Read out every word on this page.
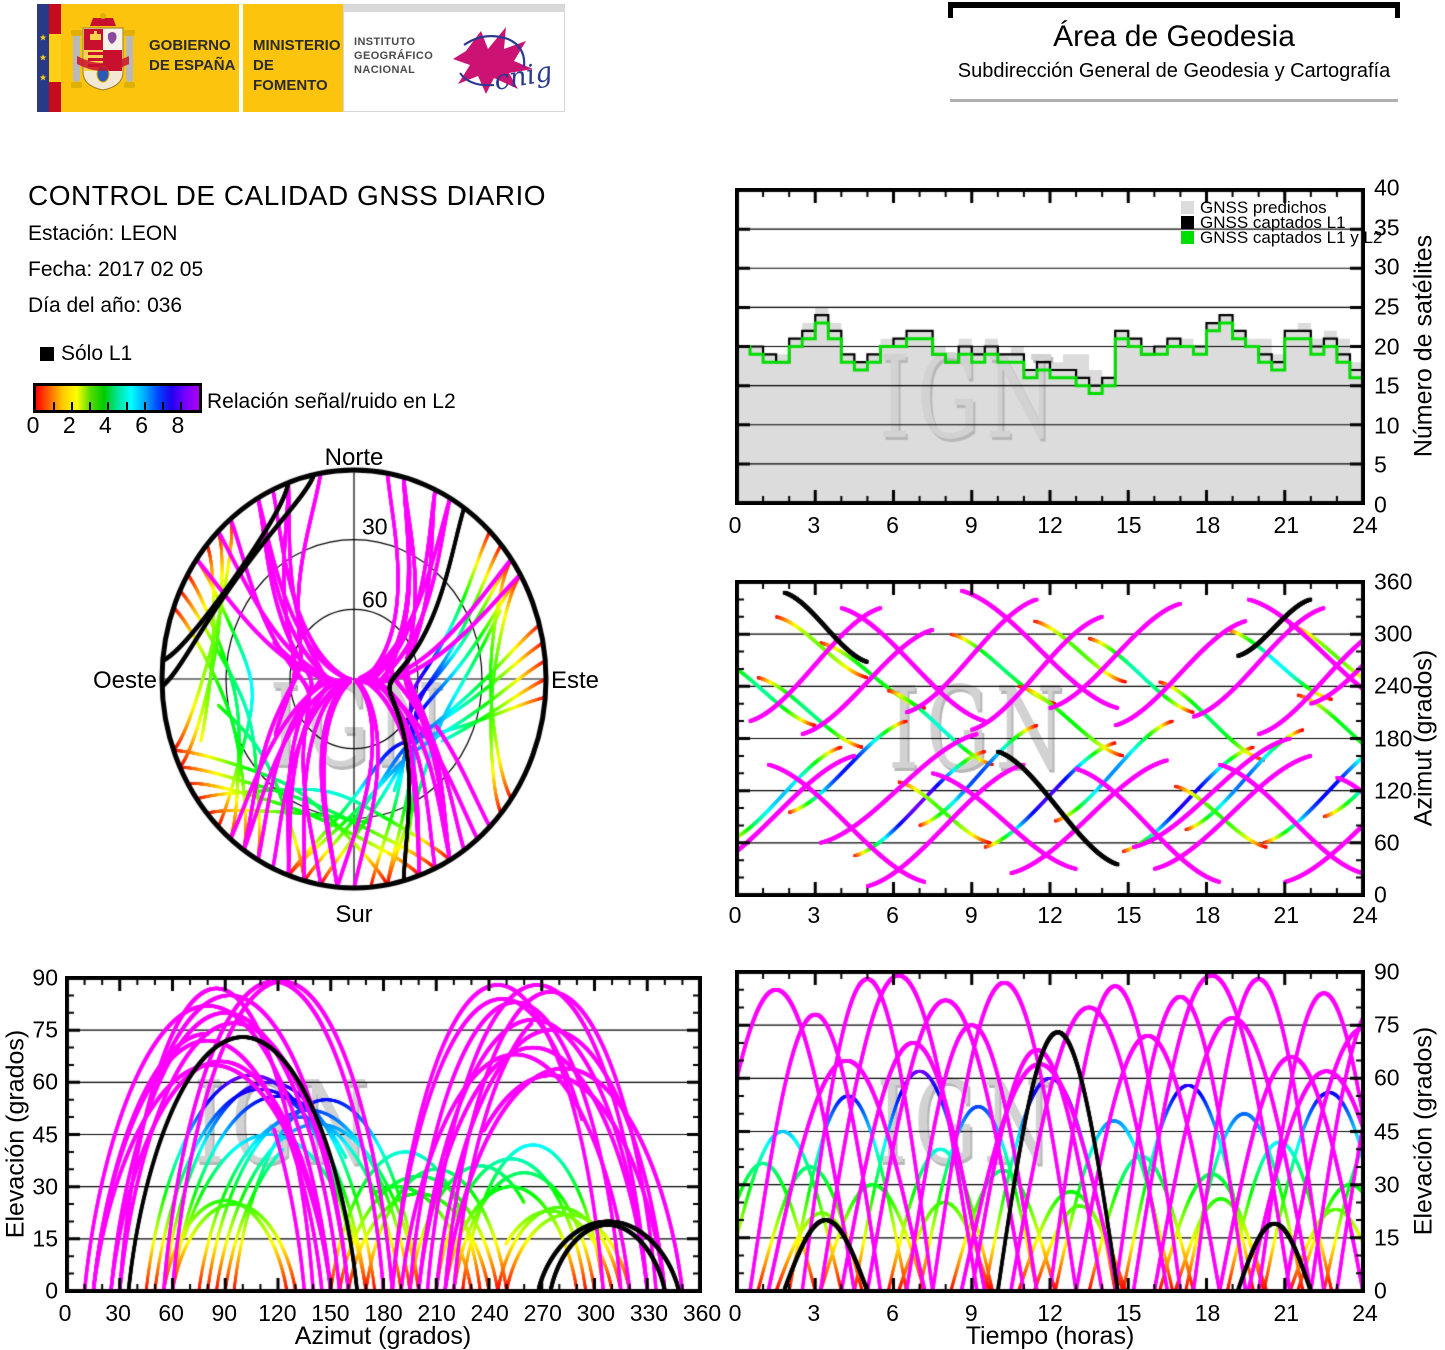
★
★
★
GOBIERNO
DE ESPAÑA
MINISTERIO
DE FOMENTO
INSTITUTO
GEOGRÁFICO
NACIONAL	cnig
Área de Geodesia
Subdirección General de Geodesia y Cartografía
CONTROL DE CALIDAD GNSS DIARIO
Estación: LEON
Fecha: 2017 02 05
Día del año: 036
Sólo L1
Relación señal/ruido en L2
Norte
Sur
Oeste	Este
30
60
GNSS predichos
GNSS captados L1
GNSS captados L1 y L2 Número de satélites
Azimut (grados)
Elevación (grados)
Elevación (grados)
Tiempo (horas)
Azimut (grados)
0 2 4 6 8
0	3	6	9	12 15 18 21 24
0
5
10
15
20
25
30
35
40
0	3	6	9	12 15 18 21 24
0
60
120
180
240
300
360
0	3	6	9	12 15 18 21 24
0
15
30
45
60
75
90
0 30 60 90 120 150 180 210 240 270 300 330 360
0
15
30
45
60
75
90
